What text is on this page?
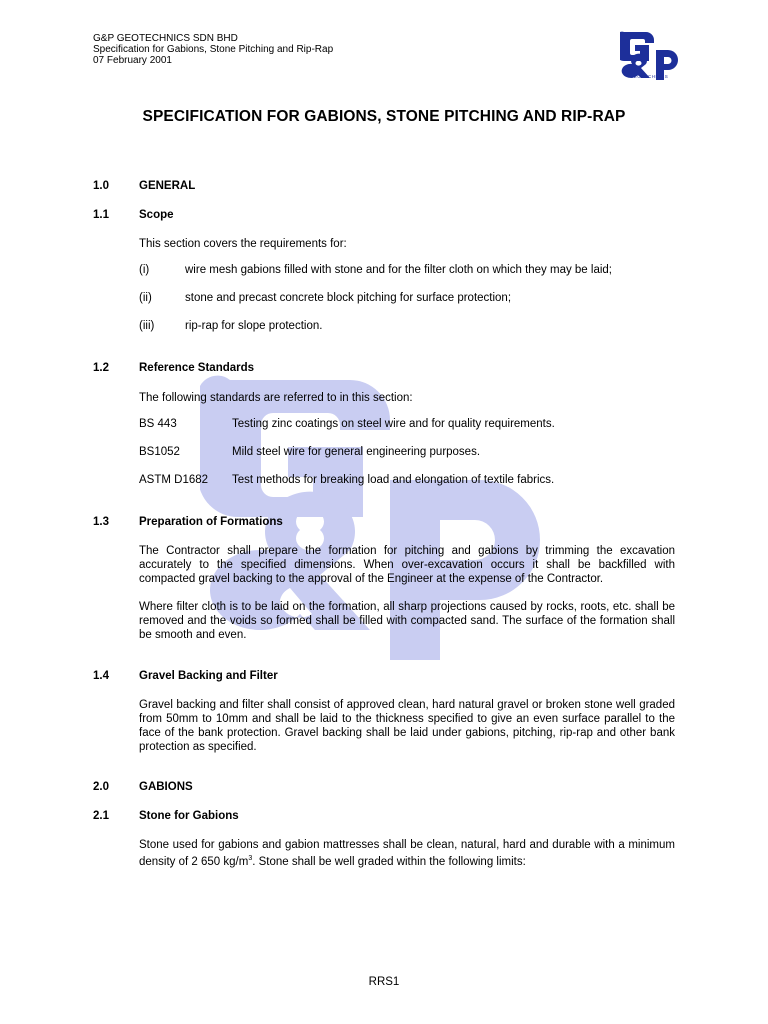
G&P GEOTECHNICS SDN BHD
Specification for Gabions, Stone Pitching and Rip-Rap
07 February 2001
GEOTECHNICS
SPECIFICATION FOR GABIONS, STONE PITCHING AND RIP-RAP
1.0	GENERAL
1.1	Scope
This section covers the requirements for:
(i)	wire mesh gabions filled with stone and for the filter cloth on which they may be laid;
(ii)	stone and precast concrete block pitching for surface protection;
(iii)	rip-rap for slope protection.
1.2	Reference Standards
The following standards are referred to in this section:
BS 443	Testing zinc coatings on steel wire and for quality requirements.
BS1052	Mild steel wire for general engineering purposes.
ASTM D1682 Test methods for breaking load and elongation of textile fabrics.
1.3	Preparation of Formations
The Contractor shall prepare the formation for pitching and gabions by trimming the excavation accurately to the specified dimensions. When over-excavation occurs it shall be backfilled with compacted gravel backing to the approval of the Engineer at the expense of the Contractor.
Where filter cloth is to be laid on the formation, all sharp projections caused by rocks, roots, etc. shall be removed and the voids so formed shall be filled with compacted sand. The surface of the formation shall be smooth and even.
1.4	Gravel Backing and Filter
Gravel backing and filter shall consist of approved clean, hard natural gravel or broken stone well graded from 50mm to 10mm and shall be laid to the thickness specified to give an even surface parallel to the face of the bank protection. Gravel backing shall be laid under gabions, pitching, rip-rap and other bank protection as specified.
2.0	GABIONS
2.1	Stone for Gabions
Stone used for gabions and gabion mattresses shall be clean, natural, hard and durable with a minimum density of 2 650 $kg/m^3$. Stone shall be well graded within the following limits:
RRS1
